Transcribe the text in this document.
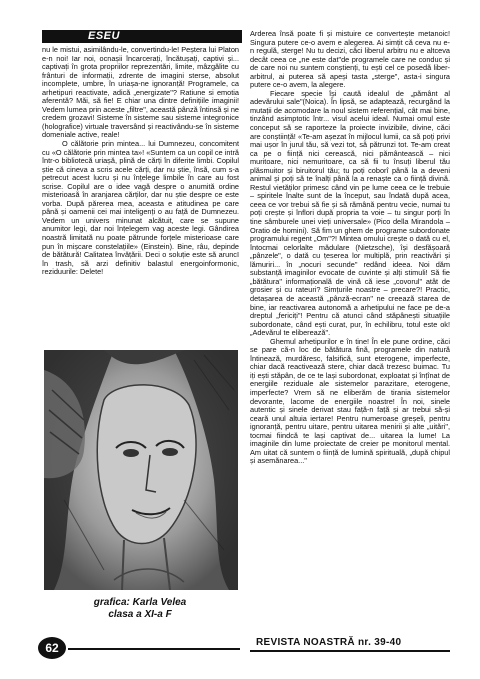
ESEU

nu le mistui, asimilându-le, convertindu-le! Peștera lui Platon e-n noi! Iar noi, ocnașii încarcerați, încătușați, captivi și... captivați în grota propriilor reprezentări, limite, mâzgălite cu frânturi de informații, zdrente de imagini sterse, absolut incomplete, umbre, în uriașa-ne ignoranță! Programele, ca arhetipuri reactivate, adică „energizate"? Ratiune si emotia aferentă? Măi, să fie! E chiar una dintre definițiile imaginii! Vedem lumea prin aceste „filtre", această pânză întinsă și ne credem grozavi! Sisteme în sisteme sau sisteme integronice (holografice) virtuale traversând și reactivându-se în sisteme domeniale active, reale!

O călătorie prin mintea... lui Dumnezeu, concomitent cu «O călătorie prin mintea ta»! «Suntem ca un copil ce intră într-o bibliotecă uriașă, plină de cărți în diferite limbi. Copilul știe că cineva a scris acele cărți, dar nu știe, însă, cum s-a petrecut acest lucru și nu înțelege limbile în care au fost scrise. Copilul are o idee vagă despre o anumită ordine misterioasă în aranjarea cărților, dar nu știe despre ce este vorba. După părerea mea, aceasta e atitudinea pe care până și oamenii cei mai inteligenți o au față de Dumnezeu. Vedem un univers minunat alcătuit, care se supune anumitor legi, dar noi înțelegem vag aceste legi. Gândirea noastră limitată nu poate pătrunde forțele misterioase care pun în mișcare constelațiile» (Einstein). Bine, râu, depinde de bătătură! Calitatea învățării. Deci o soluție este să aruncI în trash, să arzi definitiv balastul energoinformonic, reziduurile: Delete!

grafica: Karla Velea
clasa a XI-a F

Ardereа însă poate fi și mistuire ce convertește metanoic! Singura putere ce-o avem e alegerea. Ai simțit că ceva nu e-n regulă, sterge! Nu tu decizi, căci liberul arbitru nu e altceva decât ceea ce „ne este dat"de programele care ne conduc și de care noi nu suntem conștienți, tu ești cel ce posedă liber-arbitrul, ai puterea să apeși tasta „sterge", asta-i singura putere ce-o avem, la alegere.

Fiecare specie își caută idealul de „pământ al adevărului sale"(Noica). În lipsă, se adaptează, recurgând la mutații de acomodare la noul sistem referențial, cât mai bine, tinzând asimptotic într... visul acelui ideal. Numai omul este conceput să se raporteze la proiecte invizibile, divine, căci are conștiință! «Te-am așezat în mijlocul lumii, ca să poți privi mai ușor în jurul tău, să vezi tot, să pătrunzi tot. Te-am creat ca pe o ființă nici cerească, nici pământească – nici muritoare, nici nemuritoare, ca să fii tu însuți liberul tău plăsmuitor și biruitorul tău; tu poți coborî până la a deveni animal și poți să te înalți până la a renaște ca o ființă divină. Restul vietăților primesc când vin pe lume ceea ce le trebuie – spiritele înalte sunt de la început, sau îndată după acea, ceea ce vor trebui să fie și să rămână pentru vecie, numai tu poți crește și înflori după propria ta voie – tu singur porți în tine sâmburele unei vieți universale» (Pico della Mirandola – Oratio de homini). Să fim un ghem de programe subordonate programului regent „Om"?! Mintea omului crește o dată cu el, întocmai celorlalte mădulare (Nietzsche), își desfășoară „pânzele", o dată cu țeserea lor multiplă, prin reactivări și lămuriri... în „nocuri secunde" redând ideea. Noi dăm substanță imaginilor evocate de cuvinte și alți stimuli! Să fie „bătătura" informațională de vină că iese „covorul" atât de grosier și cu rateuri? Simțurile noastre – precare?! Practic, detașarea de această „pânză-ecran" ne creează starea de bine, iar reactivarea autonomă a arhetipului ne face pe de-a dreptul „fericiți"! Pentru că atunci când stăpânești situațiile subordonate, când ești curat, pur, în echilibru, totul este ok! „Adevărul te eliberează".

Ghemul arhetipurilor e în tine! În ele pune ordine, căci se pare că-n loc de bătătura fină, programele din natură întinează, murdăresc, falsifică, sunt eterogene, imperfecte, chiar dacă reactivează stere, chiar dacă trezesc buimac. Tu iți ești stăpân, de ce te lași subordonat, exploatat și înțînat de energiile reziduale ale sistemelor parazitare, eterogene, imperfecte? Vrem să ne eliberăm de tirania sistemelor devorante, lacome de energiile noastre! În noi, sinele autentic și sinele derivat stau față-n față și ar trebui să-și ceară unul altuia iertare! Pentru numeroase greșeli, pentru ignoranță, pentru uitare, pentru uitarea menirii și alte „uitări", tocmai fiindcă te lași captivat de... uitarea la lume! La imaginile din lume proiectate de creier pe monitorul mental. Am uitat că suntem o ființă de lumină spirituală, „după chipul și asemănarea..."

62	REVISTA NOASTRĂ nr. 39-40
